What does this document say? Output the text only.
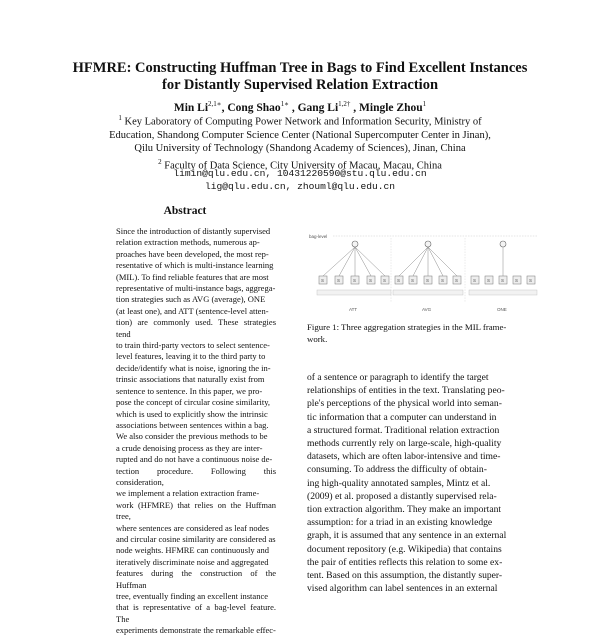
HFMRE: Constructing Huffman Tree in Bags to Find Excellent Instances
for Distantly Supervised Relation Extraction
Min $Li^{2,1∗}$, Cong Shao$^{1∗}$ , Gang $Li^{1,2\dagger}$ , Mingle Zhou$^1$
$^1$ Key Laboratory of Computing Power Network and Information Security, Ministry of
Education, Shandong Computer Science Center (National Supercomputer Center in Jinan),
Qilu University of Technology (Shandong Academy of Sciences), Jinan, China
$^2$ Faculty of Data Science, City University of Macau, Macau, China
limin@qlu.edu.cn, 10431220590@stu.qlu.edu.cn
lig@qlu.edu.cn, zhouml@qlu.edu.cn
Abstract
Since the introduction of distantly supervised
relation extraction methods, numerous ap-
proaches have been developed, the most rep-
resentative of which is multi-instance learning
(MIL). To find reliable features that are most
representative of multi-instance bags, aggrega-
tion strategies such as AVG (average), ONE
(at least one), and ATT (sentence-level atten-
tion) are commonly used. These strategies tend
to train third-party vectors to select sentence-
level features, leaving it to the third party to
decide/identify what is noise, ignoring the in-
trinsic associations that naturally exist from
sentence to sentence. In this paper, we pro-
pose the concept of circular cosine similarity,
which is used to explicitly show the intrinsic
associations between sentences within a bag.
We also consider the previous methods to be
a crude denoising process as they are inter-
rupted and do not have a continuous noise de-
tection procedure. Following this consideration,
we implement a relation extraction frame-
work (HFMRE) that relies on the Huffman tree,
where sentences are considered as leaf nodes
and circular cosine similarity are considered as
node weights. HFMRE can continuously and
iteratively discriminate noise and aggregated
features during the construction of the Huffman
tree, eventually finding an excellent instance
that is representative of a bag-level feature. The
experiments demonstrate the remarkable effec-
bag-level
S	S	S	S S
ATT
S S	S	S S
AVG
S S S S S
ONE
Figure 1: Three aggregation strategies in the MIL frame-
work.
of a sentence or paragraph to identify the target
relationships of entities in the text. Translating peo-
ple's perceptions of the physical world into seman-
tic information that a computer can understand in
a structured format. Traditional relation extraction
methods currently rely on large-scale, high-quality
datasets, which are often labor-intensive and time-
consuming. To address the difficulty of obtain-
ing high-quality annotated samples, Mintz et al.
(2009) et al. proposed a distantly supervised rela-
tion extraction algorithm. They make an important
assumption: for a triad in an existing knowledge
graph, it is assumed that any sentence in an external
document repository (e.g. Wikipedia) that contains
the pair of entities reflects this relation to some ex-
tent. Based on this assumption, the distantly super-
vised algorithm can label sentences in an external
